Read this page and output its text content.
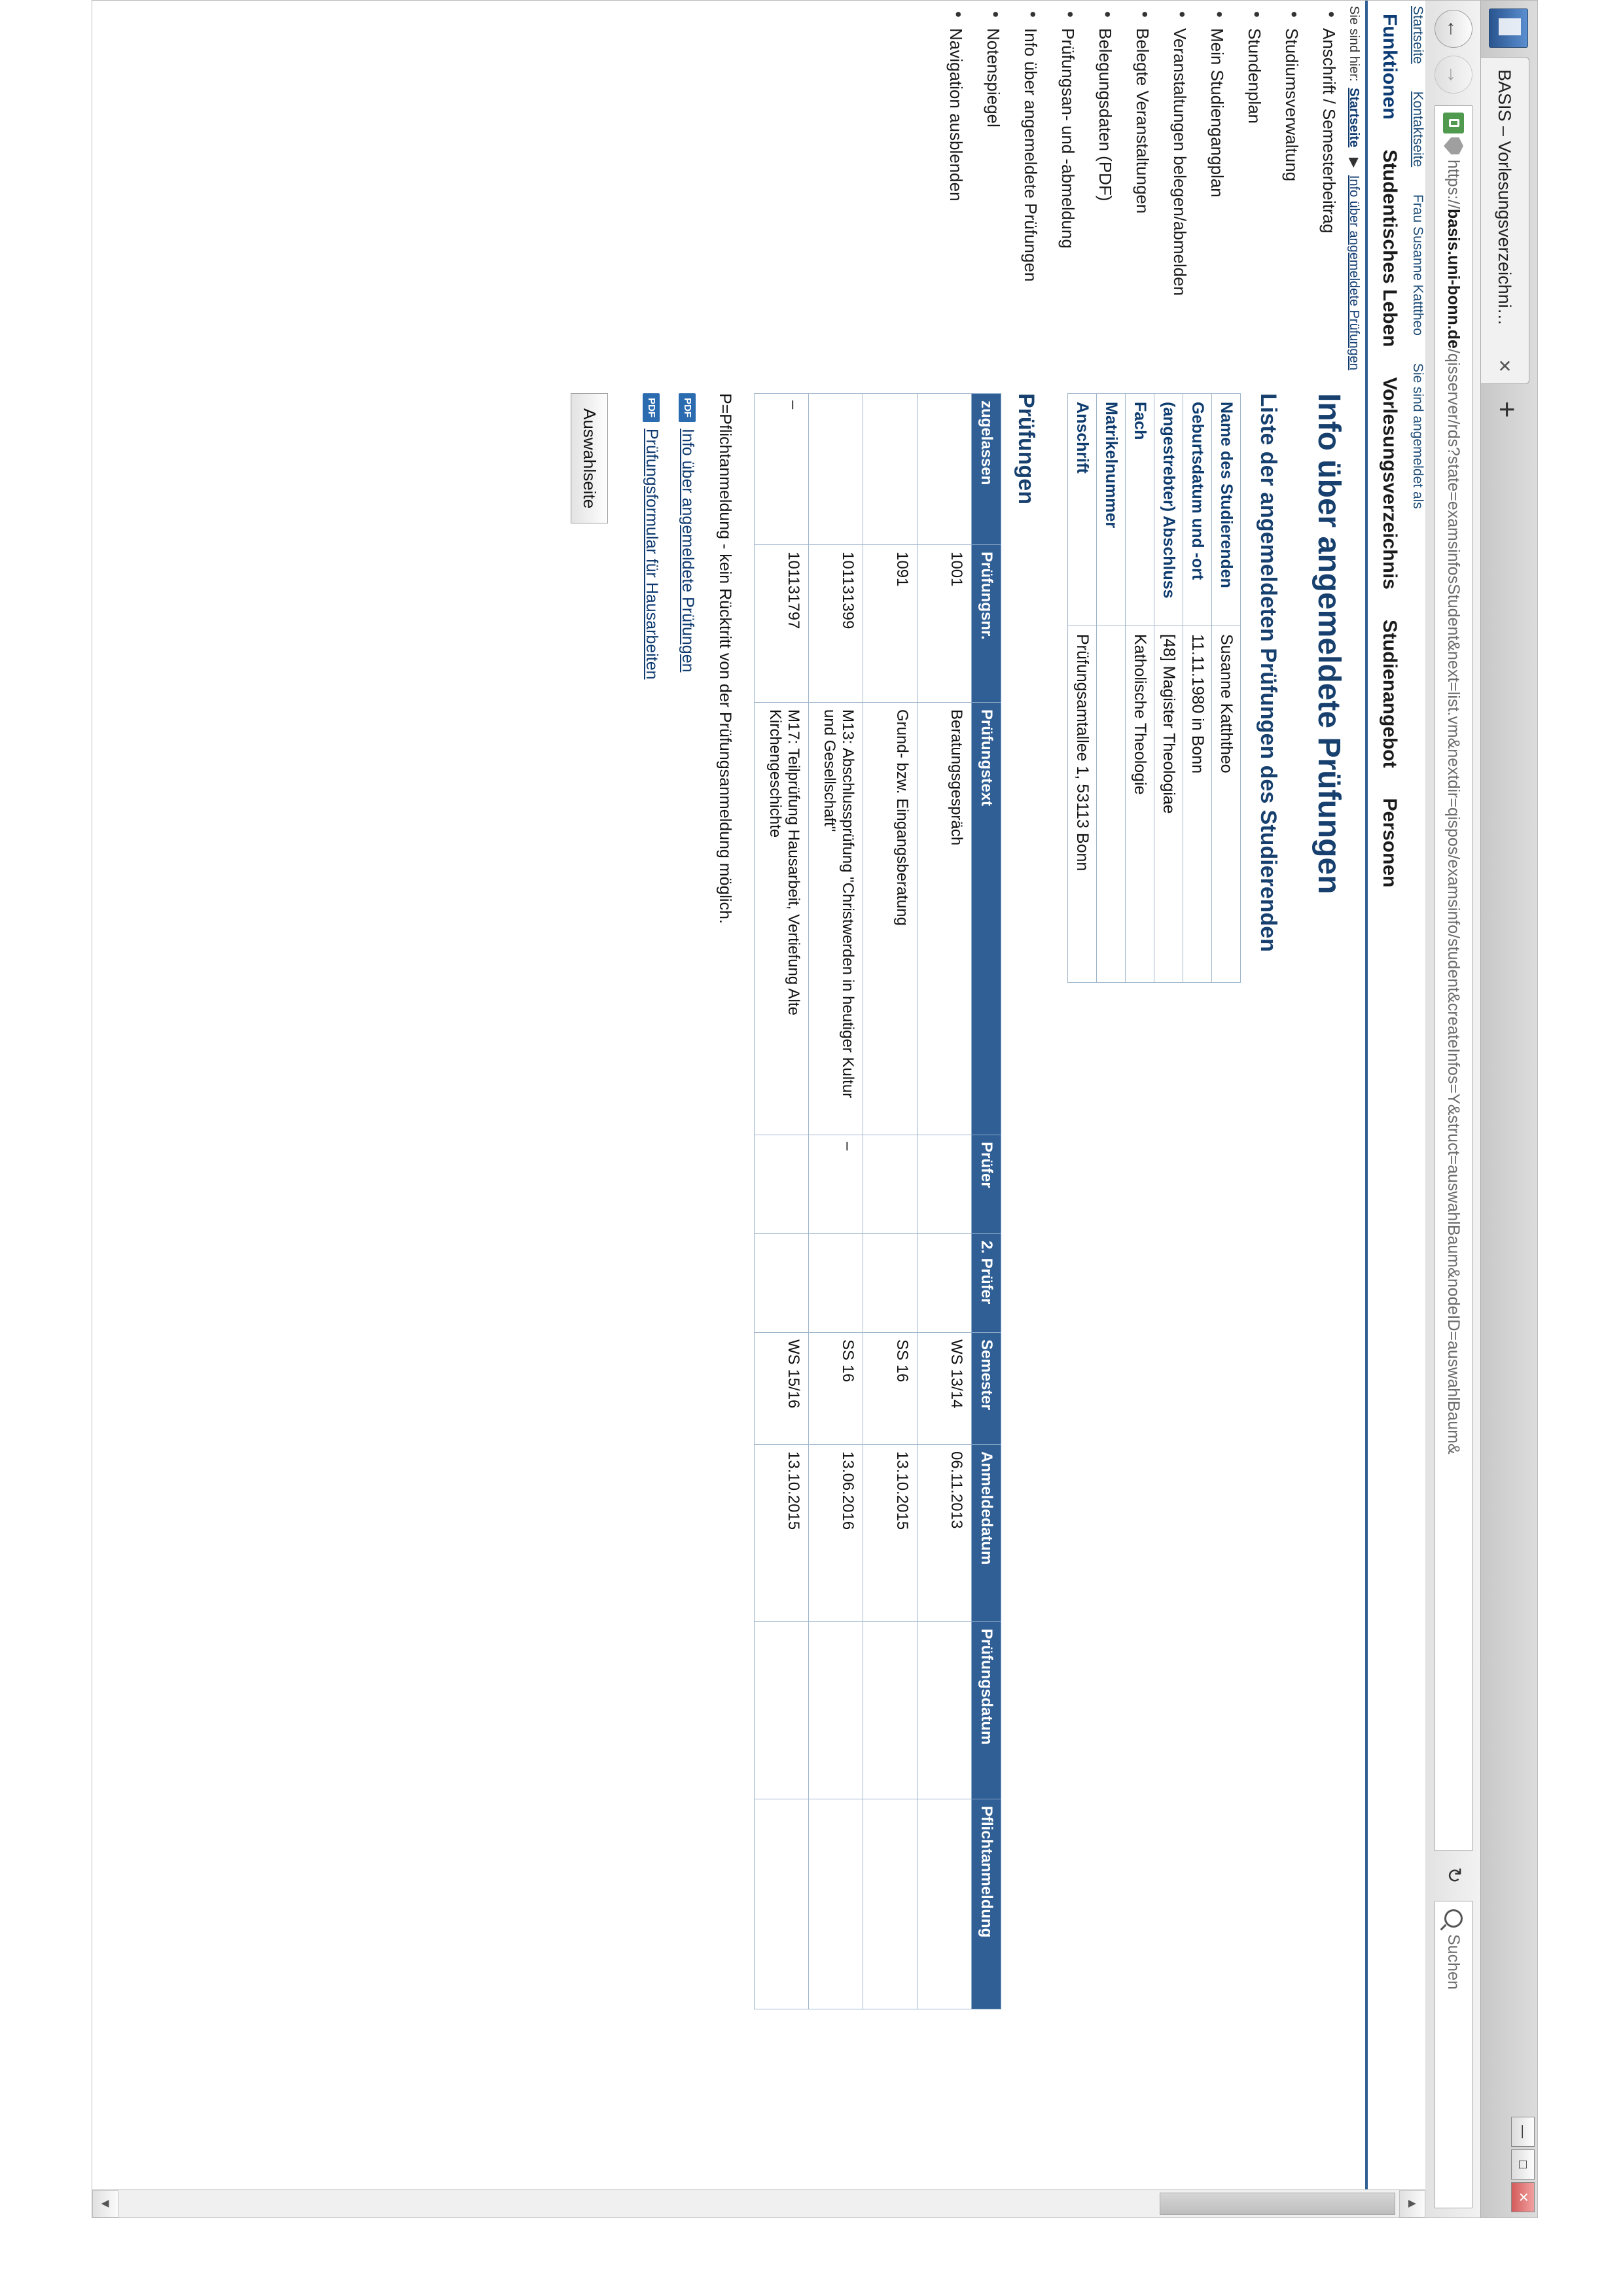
BASIS – Vorlesungsverzeichni…
✕
+
—
□
✕
←
→
https://basis.uni-bonn.de/qisserver/rds?state=examsinfosStudent&next=list.vm&nextdir=qispos/examsinfo/student&createInfos=Y&struct=auswahlBaum&nodeID=auswahlBaum&
↻
Suchen
Startseite Kontaktseite Frau Susanne Katttheo Sie sind angemeldet als
Funktionen
Studentisches Leben
Vorlesungsverzeichnis
Studienangebot
Personen
Sie sind hier: Startseite ▶ Info über angemeldete Prüfungen
• Anschrift / Semesterbeitrag
• Studiumsverwaltung
• Stundenplan
• Mein Studiengangplan
• Veranstaltungen belegen/abmelden
• Belegte Veranstaltungen
• Belegungsdaten (PDF)
• Prüfungsan- und -abmeldung
• Info über angemeldete Prüfungen
• Notenspiegel
• Navigation ausblenden
Info über angemeldete Prüfungen
Liste der angemeldeten Prüfungen des Studierenden
Name des Studierenden	Susanne Katththeo
Geburtsdatum und -ort	11.11.1980 in Bonn
(angestrebter) Abschluss	[48] Magister Theologiae
Fach	Katholische Theologie
Matrikelnummer	
Anschrift	Prüfungsamtallee 1, 53113 Bonn
Prüfungen
zugelassen	Prüfungsnr.	Prüfungstext	Prüfer	2. Prüfer	Semester	Anmeldedatum	Prüfungsdatum	Pflichtanmeldung
	1001	Beratungsgespräch			WS 13/14	06.11.2013		
	1091	Grund- bzw. Eingangsberatung			SS 16	13.10.2015		
	101131399	M13: Abschlussprüfung "Christwerden in heutiger Kultur und Gesellschaft"	–		SS 16	13.06.2016		
–	101131797	M17: Teilprüfung Hausarbeit, Vertiefung Alte Kirchengeschichte			WS 15/16	13.10.2015		
P=Pflichtanmeldung - kein Rücktritt von der Prüfungsanmeldung möglich.
PDF
Info über angemeldete Prüfungen
PDF
Prüfungsformular für Hausarbeiten
Auswahlseite
▲
▼
